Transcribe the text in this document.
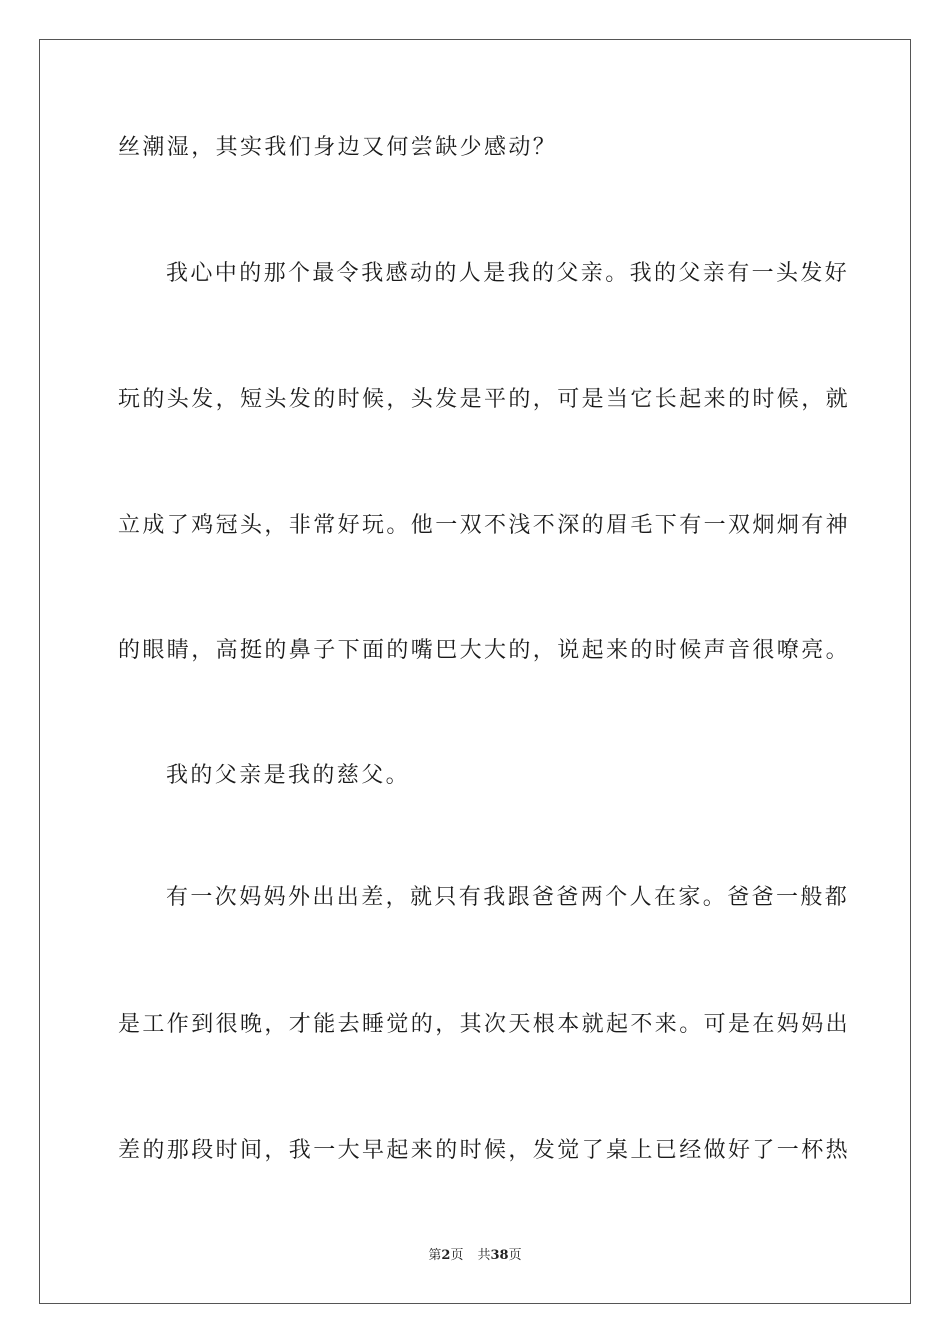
丝潮湿，其实我们身边又何尝缺少感动？
我心中的那个最令我感动的人是我的父亲。我的父亲有一头发好
玩的头发，短头发的时候，头发是平的，可是当它长起来的时候，就
立成了鸡冠头，非常好玩。他一双不浅不深的眉毛下有一双炯炯有神
的眼睛，高挺的鼻子下面的嘴巴大大的，说起来的时候声音很嘹亮。
我的父亲是我的慈父。
有一次妈妈外出出差，就只有我跟爸爸两个人在家。爸爸一般都
是工作到很晚，才能去睡觉的，其次天根本就起不来。可是在妈妈出
差的那段时间，我一大早起来的时候，发觉了桌上已经做好了一杯热
第2页 共38页
